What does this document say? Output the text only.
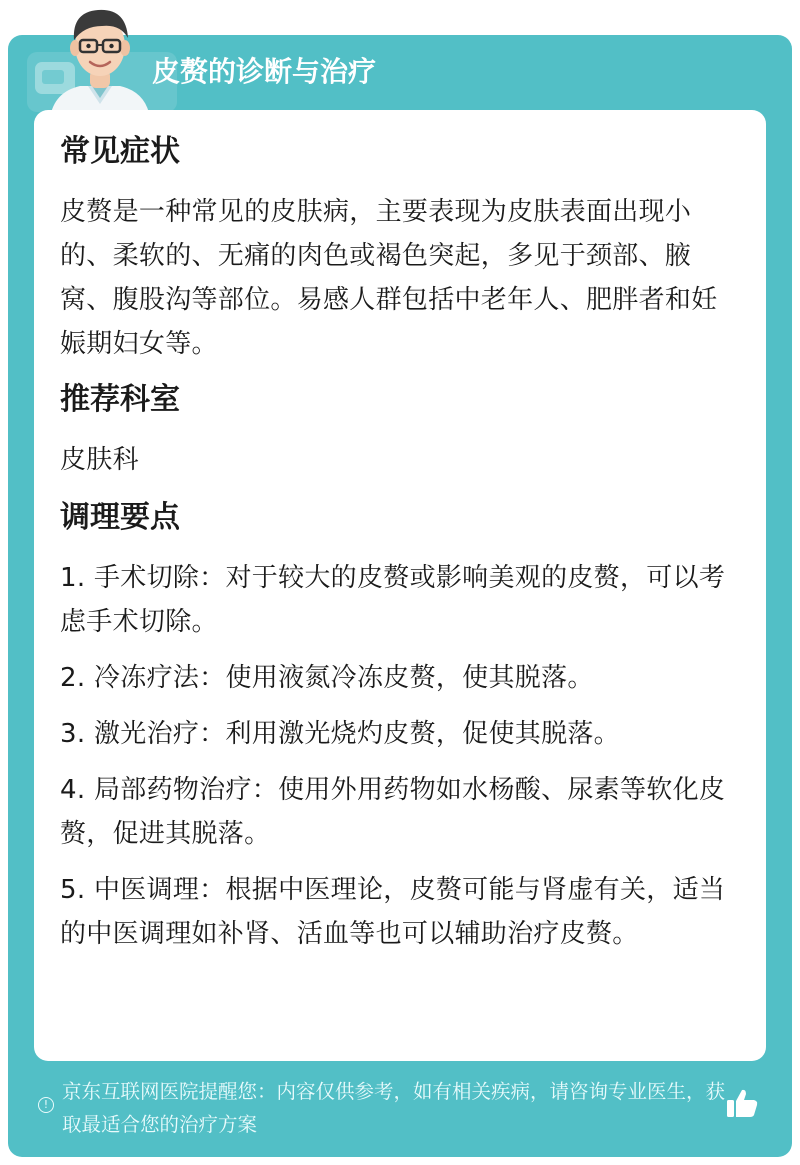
皮赘的诊断与治疗
常见症状
皮赘是一种常见的皮肤病，主要表现为皮肤表面出现小的、柔软的、无痛的肉色或褐色突起，多见于颈部、腋窝、腹股沟等部位。易感人群包括中老年人、肥胖者和妊娠期妇女等。
推荐科室
皮肤科
调理要点
1. 手术切除：对于较大的皮赘或影响美观的皮赘，可以考虑手术切除。
2. 冷冻疗法：使用液氮冷冻皮赘，使其脱落。
3. 激光治疗：利用激光烧灼皮赘，促使其脱落。
4. 局部药物治疗：使用外用药物如水杨酸、尿素等软化皮赘，促进其脱落。
5. 中医调理：根据中医理论，皮赘可能与肾虚有关，适当的中医调理如补肾、活血等也可以辅助治疗皮赘。
!
京东互联网医院提醒您：内容仅供参考，如有相关疾病，请咨询专业医生，获取最适合您的治疗方案
